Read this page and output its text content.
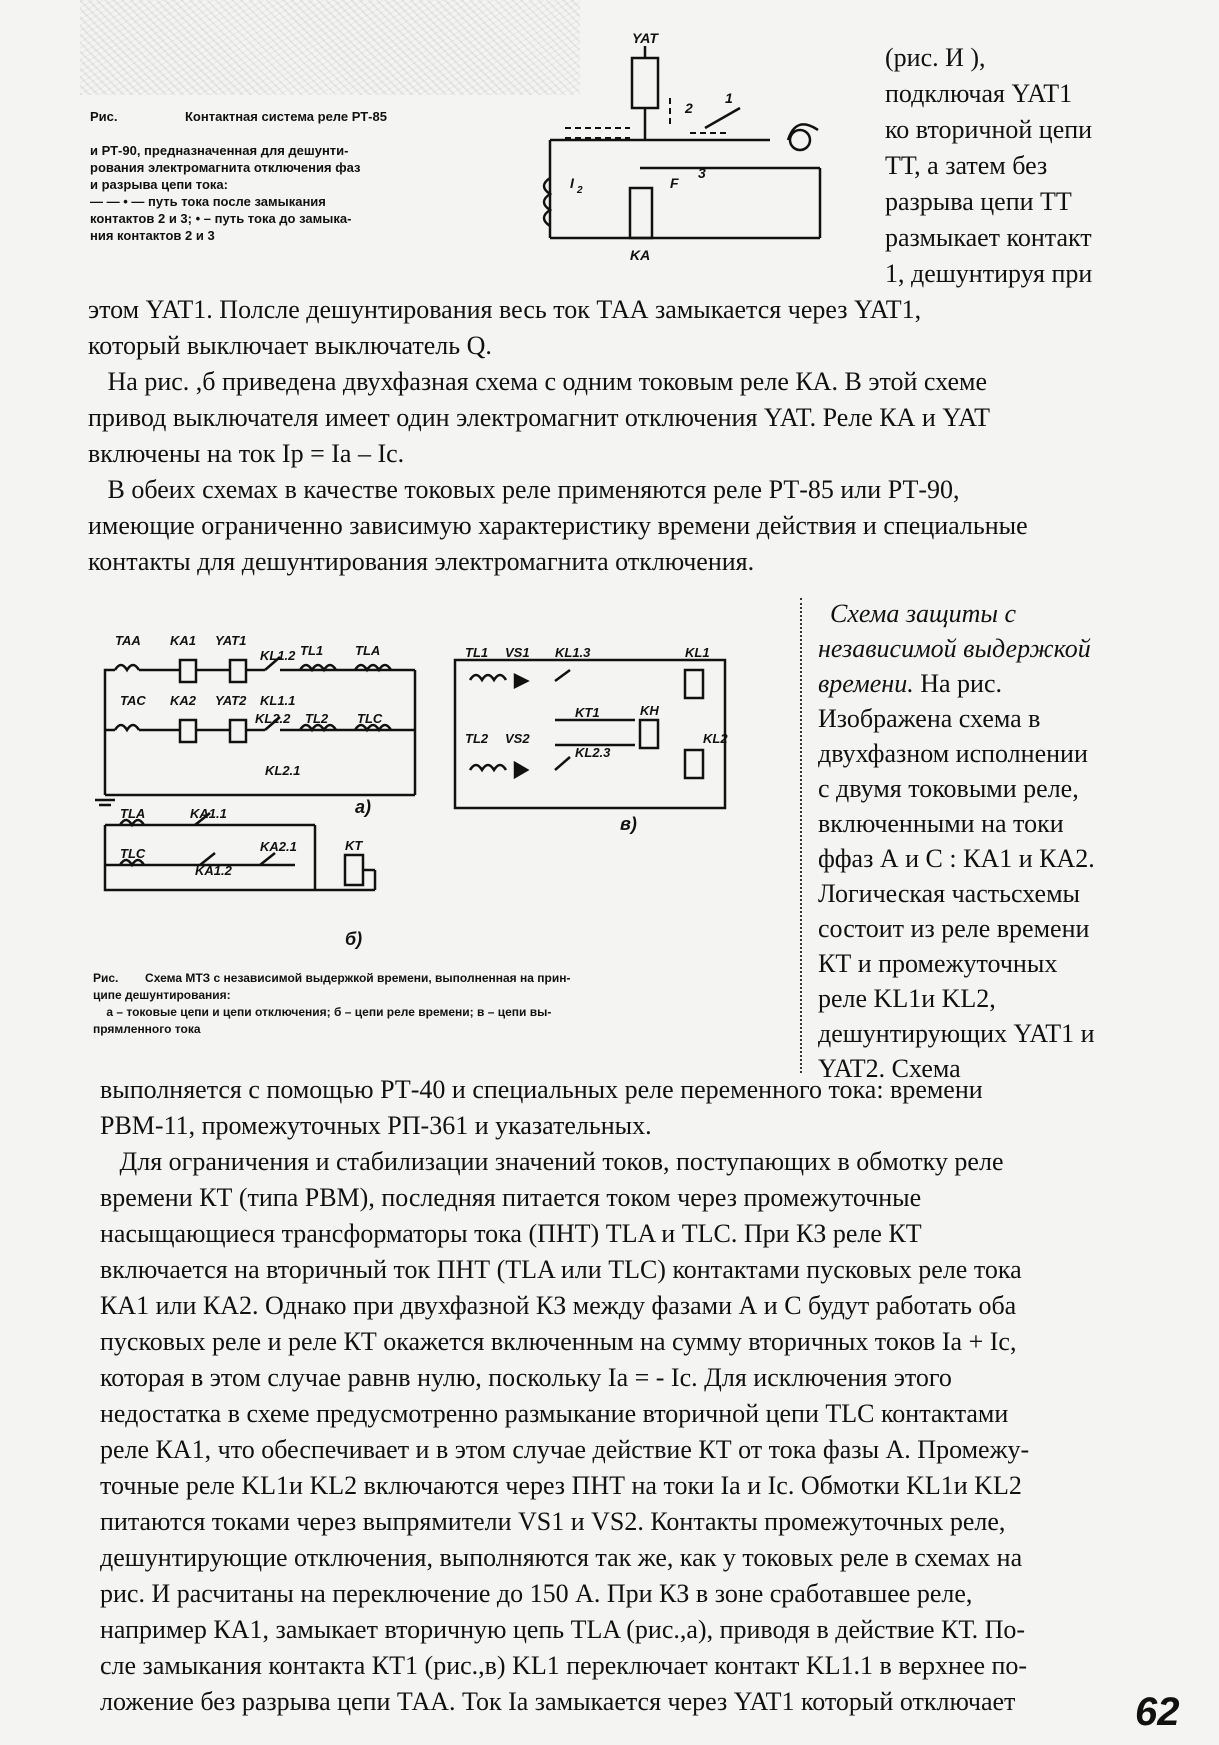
YAT
KA
I 2
1
2
3
F
Рис.	Контактная система реле РТ-85
и РТ-90, предназначенная для дешунти-
рования электромагнита отключения фаз
и разрыва цепи тока:
— — • — путь тока после замыкания
контактов 2 и 3; • – путь тока до замыка-
ния контактов 2 и 3
(рис. И ),
подключая YAT1
ко вторичной цепи
ТТ, а затем без
разрыва цепи ТТ
размыкает контакт
1, дешунтируя при
этом YAT1. Полсле дешунтирования весь ток ТАА замыкается через YAT1,
который выключает выключатель Q.
На рис. ,б приведена двухфазная схема с одним токовым реле КА. В этой схеме
привод выключателя имеет один электромагнит отключения YAT. Реле КА и YAT
включены на ток Ip = Ia – Ic.
В обеих схемах в качестве токовых реле применяются реле РТ-85 или РТ-90,
имеющие ограниченно зависимую характеристику времени действия и специальные
контакты для дешунтирования электромагнита отключения.
TAA KA1 YAT1
KL1.2 TL1 TLA
TAC KA2 YAT2 KL1.1
KL2.2 TL2 TLC
KL2.1
a)
TL1 VS1 KL1.3	KL1
KT1	KH
TL2 VS2
KL2.3
KL2
в)
TLA	KA1.1
KT
TLC
KA1.2
KA2.1
б)
Схема защиты с
независимой выдержкой
времени. На рис.
Изображена схема в
двухфазном исполнении
с двумя токовыми реле,
включенными на токи
ффаз А и С : КА1 и КА2.
Логическая частьсхемы
состоит из реле времени
КТ и промежуточных
реле KL1и KL2,
дешунтирующих YAT1 и
YAT2. Схема
Рис.        Схема МТЗ с независимой выдержкой времени, выполненная на прин-
ципе дешунтирования:
а – токовые цепи и цепи отключения; б – цепи реле времени; в – цепи вы-
прямленного тока
выполняется с помощью РТ-40 и специальных реле переменного тока: времени
РВМ-11, промежуточных РП-361 и указательных.
Для ограничения и стабилизации значений токов, поступающих в обмотку реле
времени КТ (типа РВМ), последняя питается током через промежуточные
насыщающиеся трансформаторы тока (ПНТ) TLA и TLC. При КЗ реле КТ
включается на вторичный ток ПНТ (TLA или TLC) контактами пусковых реле тока
КА1 или КА2. Однако при двухфазной КЗ между фазами А и С будут работать оба
пусковых реле и реле КТ окажется включенным на сумму вторичных токов Ia + Ic,
которая в этом случае равнв нулю, поскольку Ia = - Ic. Для исключения этого
недостатка в схеме предусмотренно размыкание вторичной цепи TLC контактами
реле КА1, что обеспечивает и в этом случае действие КТ от тока фазы А. Промежу-
точные реле KL1и KL2 включаются через ПНТ на токи Ia и Ic. Обмотки KL1и KL2
питаются токами через выпрямители VS1 и VS2. Контакты промежуточных реле,
дешунтирующие отключения, выполняются так же, как у токовых реле в схемах на
рис. И расчитаны на переключение до 150 А. При КЗ в зоне сработавшее реле,
например КА1, замыкает вторичную цепь TLA (рис.,а), приводя в действие КТ. По-
сле замыкания контакта КТ1 (рис.,в) KL1 переключает контакт KL1.1 в верхнее по-
ложение без разрыва цепи ТАА. Ток Ia замыкается через YAT1 который отключает	62
